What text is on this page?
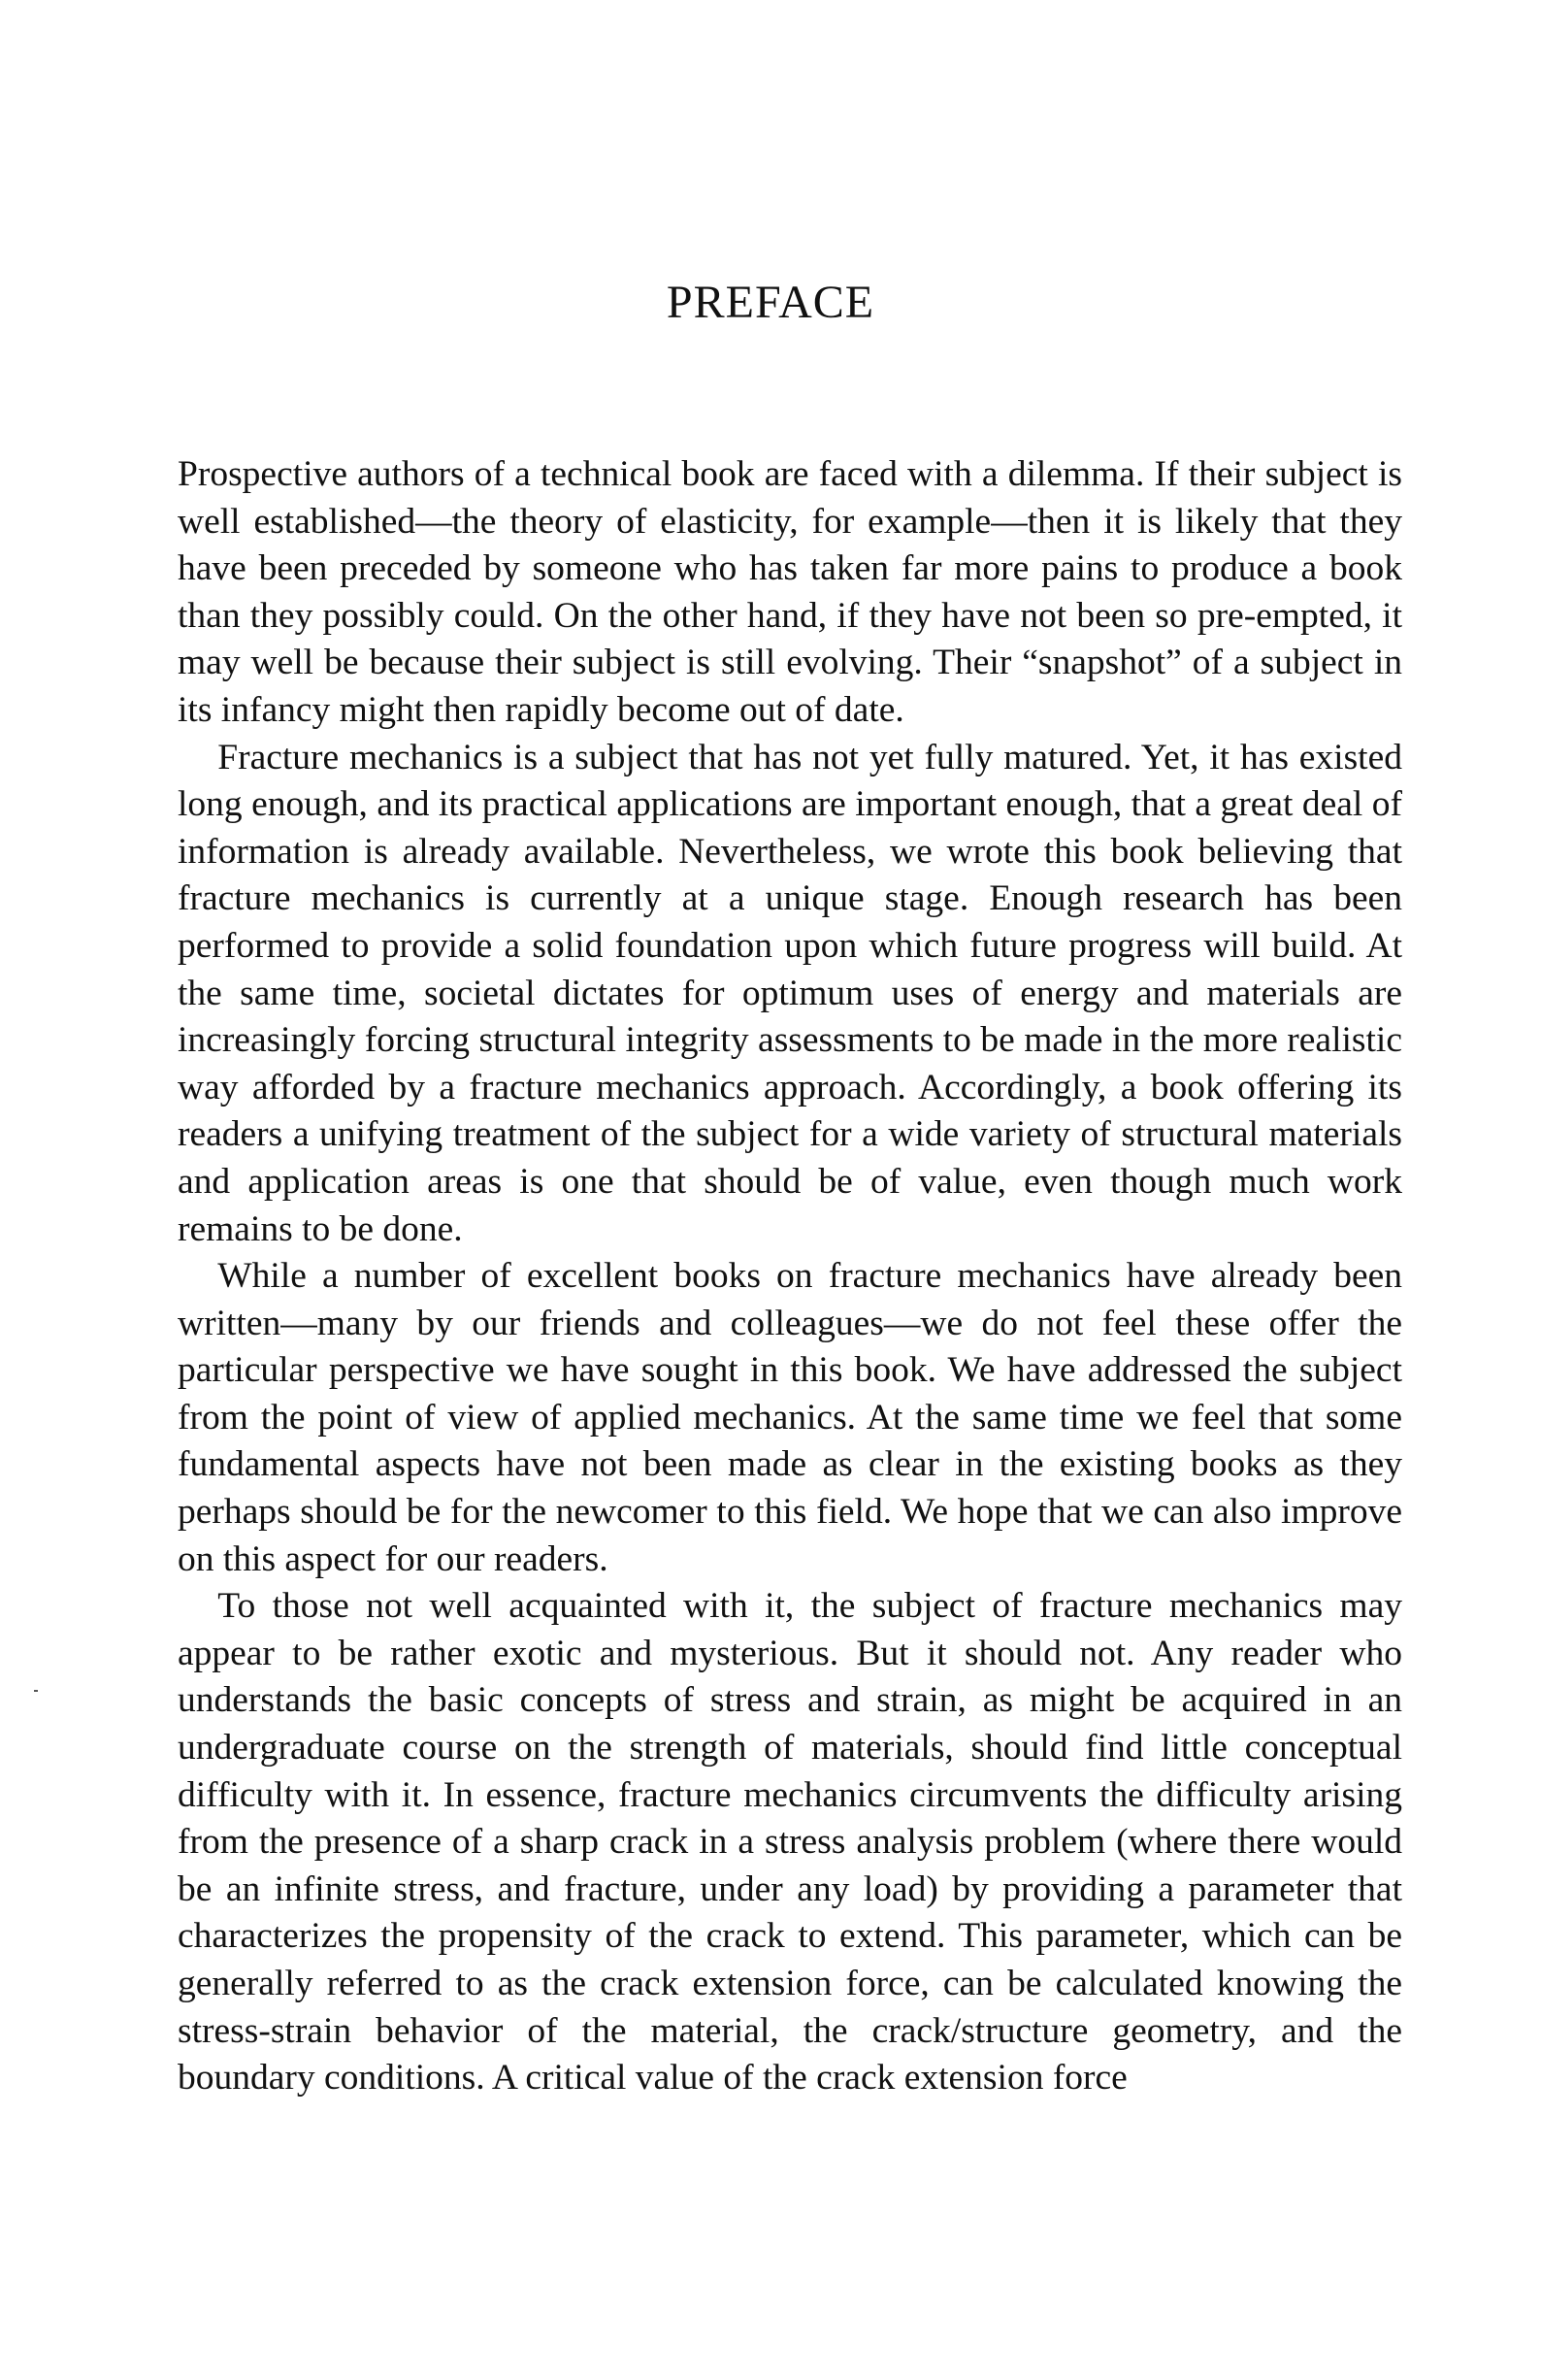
PREFACE

Prospective authors of a technical book are faced with a dilemma. If their subject is well established—the theory of elasticity, for example—then it is likely that they have been preceded by someone who has taken far more pains to produce a book than they possibly could. On the other hand, if they have not been so pre-empted, it may well be because their subject is still evolving. Their “snapshot” of a subject in its infancy might then rapidly become out of date.

Fracture mechanics is a subject that has not yet fully matured. Yet, it has existed long enough, and its practical applications are important enough, that a great deal of information is already available. Nevertheless, we wrote this book believing that fracture mechanics is currently at a unique stage. Enough research has been performed to provide a solid foundation upon which future progress will build. At the same time, societal dictates for optimum uses of energy and materials are increasingly forcing structural integrity assessments to be made in the more realistic way afforded by a fracture mechanics approach. Accordingly, a book offering its readers a unifying treatment of the subject for a wide variety of structural materials and application areas is one that should be of value, even though much work remains to be done.

While a number of excellent books on fracture mechanics have already been written—many by our friends and colleagues—we do not feel these offer the particular perspective we have sought in this book. We have addressed the subject from the point of view of applied mechanics. At the same time we feel that some fundamental aspects have not been made as clear in the existing books as they perhaps should be for the newcomer to this field. We hope that we can also improve on this aspect for our readers.

To those not well acquainted with it, the subject of fracture mechanics may appear to be rather exotic and mysterious. But it should not. Any reader who understands the basic concepts of stress and strain, as might be acquired in an undergraduate course on the strength of materials, should find little conceptual difficulty with it. In essence, fracture mechanics circumvents the difficulty arising from the presence of a sharp crack in a stress analysis problem (where there would be an infinite stress, and fracture, under any load) by providing a parameter that characterizes the propensity of the crack to extend. This parameter, which can be generally referred to as the crack extension force, can be calculated knowing the stress-strain behavior of the material, the crack/structure geometry, and the boundary conditions. A critical value of the crack extension force
